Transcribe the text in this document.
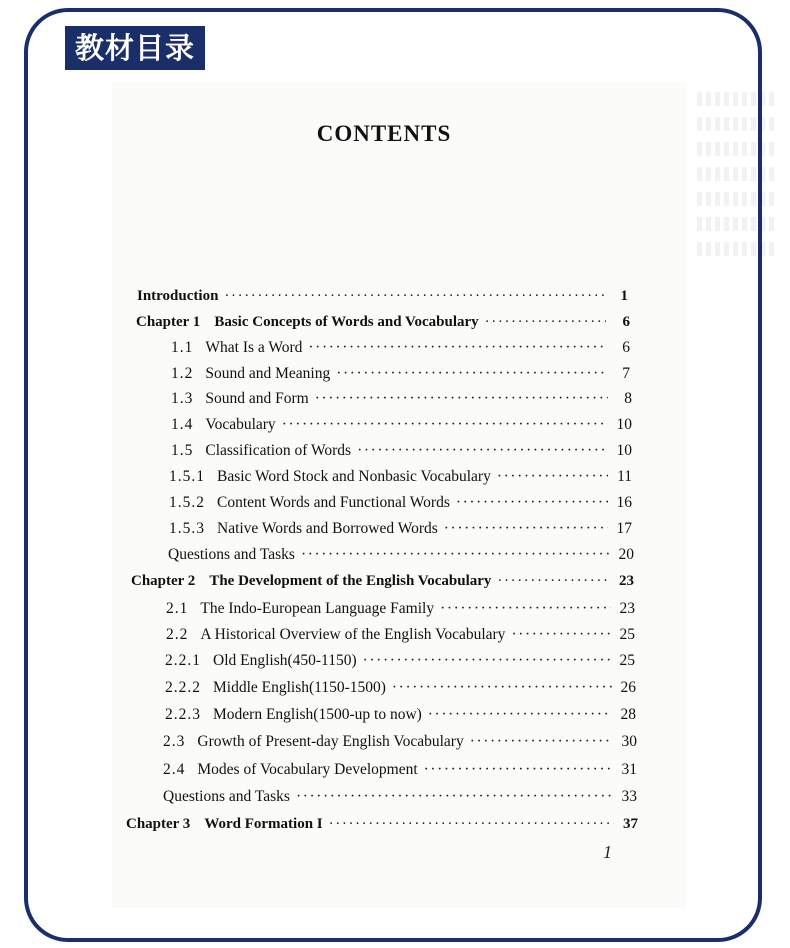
教材目录
CONTENTS
Introduction ·····	1
Chapter 1 Basic Concepts of Words and Vocabulary ·····	6
1.1 What Is a Word ·····	6
1.2 Sound and Meaning ·····	7
1.3 Sound and Form ·····	8
1.4 Vocabulary ·····	10
1.5 Classification of Words ·····	10
1.5.1 Basic Word Stock and Nonbasic Vocabulary ·····	11
1.5.2 Content Words and Functional Words ·····	16
1.5.3 Native Words and Borrowed Words ·····	17
Questions and Tasks ·····	20
Chapter 2 The Development of the English Vocabulary ·····	23
2.1 The Indo-European Language Family ·····	23
2.2 A Historical Overview of the English Vocabulary ·····	25
2.2.1 Old English(450-1150) ·····	25
2.2.2 Middle English(1150-1500) ·····	26
2.2.3 Modern English(1500-up to now) ·····	28
2.3 Growth of Present-day English Vocabulary ·····	30
2.4 Modes of Vocabulary Development ·····	31
Questions and Tasks ·····	33
Chapter 3 Word Formation I ·····	37
1
